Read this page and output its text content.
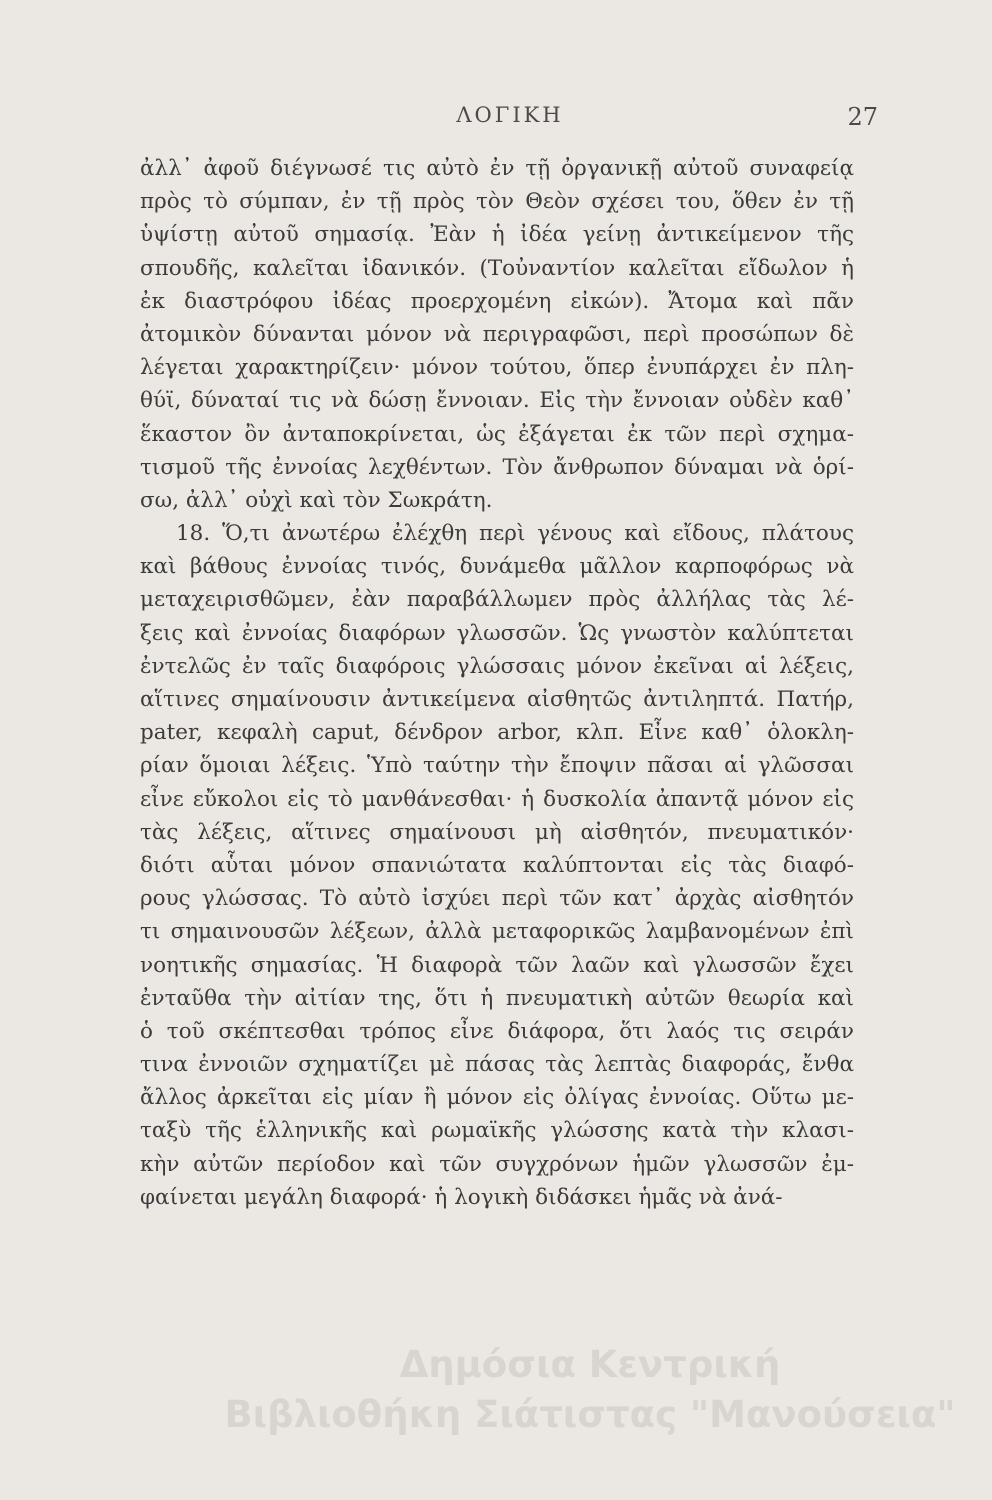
ΛΟΓΙΚΗ	27
ἀλλ᾽ ἀφοῦ διέγνωσέ τις αὐτὸ ἐν τῇ ὀργανικῇ αὐτοῦ συναφείᾳ
πρὸς τὸ σύμπαν, ἐν τῇ πρὸς τὸν Θεὸν σχέσει του, ὅθεν ἐν τῇ
ὑψίστῃ αὐτοῦ σημασίᾳ. Ἐὰν ἡ ἰδέα γείνῃ ἀντικείμενον τῆς
σπουδῆς, καλεῖται ἰδανικόν. (Τοὐναντίον καλεῖται εἴδωλον ἡ
ἐκ διαστρόφου ἰδέας προερχομένη εἰκών). Ἄτομα καὶ πᾶν
ἀτομικὸν δύνανται μόνον νὰ περιγραφῶσι, περὶ προσώπων δὲ
λέγεται χαρακτηρίζειν· μόνον τούτου, ὅπερ ἐνυπάρχει ἐν πλη-
θύϊ, δύναταί τις νὰ δώσῃ ἔννοιαν. Εἰς τὴν ἔννοιαν οὐδὲν καθ᾽
ἕκαστον ὂν ἀνταποκρίνεται, ὡς ἐξάγεται ἐκ τῶν περὶ σχημα-
τισμοῦ τῆς ἐννοίας λεχθέντων. Τὸν ἄνθρωπον δύναμαι νὰ ὁρί-
σω, ἀλλ᾽ οὐχὶ καὶ τὸν Σωκράτη.
18. Ὅ,τι ἀνωτέρω ἐλέχθη περὶ γένους καὶ εἴδους, πλάτους
καὶ βάθους ἐννοίας τινός, δυνάμεθα μᾶλλον καρποφόρως νὰ
μεταχειρισθῶμεν, ἐὰν παραβάλλωμεν πρὸς ἀλλήλας τὰς λέ-
ξεις καὶ ἐννοίας διαφόρων γλωσσῶν. Ὡς γνωστὸν καλύπτεται
ἐντελῶς ἐν ταῖς διαφόροις γλώσσαις μόνον ἐκεῖναι αἱ λέξεις,
αἵτινες σημαίνουσιν ἀντικείμενα αἰσθητῶς ἀντιληπτά. Πατήρ,
pater, κεφαλὴ caput, δένδρον arbor, κλπ. Εἶνε καθ᾽ ὁλοκλη-
ρίαν ὅμοιαι λέξεις. Ὑπὸ ταύτην τὴν ἔποψιν πᾶσαι αἱ γλῶσσαι
εἶνε εὔκολοι εἰς τὸ μανθάνεσθαι· ἡ δυσκολία ἀπαντᾷ μόνον εἰς
τὰς λέξεις, αἵτινες σημαίνουσι μὴ αἰσθητόν, πνευματικόν·
διότι αὗται μόνον σπανιώτατα καλύπτονται εἰς τὰς διαφό-
ρους γλώσσας. Τὸ αὐτὸ ἰσχύει περὶ τῶν κατ᾽ ἀρχὰς αἰσθητόν
τι σημαινουσῶν λέξεων, ἀλλὰ μεταφορικῶς λαμβανομένων ἐπὶ
νοητικῆς σημασίας. Ἡ διαφορὰ τῶν λαῶν καὶ γλωσσῶν ἔχει
ἐνταῦθα τὴν αἰτίαν της, ὅτι ἡ πνευματικὴ αὐτῶν θεωρία καὶ
ὁ τοῦ σκέπτεσθαι τρόπος εἶνε διάφορα, ὅτι λαός τις σειράν
τινα ἐννοιῶν σχηματίζει μὲ πάσας τὰς λεπτὰς διαφοράς, ἔνθα
ἄλλος ἀρκεῖται εἰς μίαν ἢ μόνον εἰς ὀλίγας ἐννοίας. Οὕτω με-
ταξὺ τῆς ἑλληνικῆς καὶ ρωμαϊκῆς γλώσσης κατὰ τὴν κλασι-
κὴν αὐτῶν περίοδον καὶ τῶν συγχρόνων ἡμῶν γλωσσῶν ἐμ-
φαίνεται μεγάλη διαφορά· ἡ λογικὴ διδάσκει ἡμᾶς νὰ ἀνά-
Δημόσια Κεντρική
Βιβλιοθήκη Σιάτιστας "Μανούσεια"
